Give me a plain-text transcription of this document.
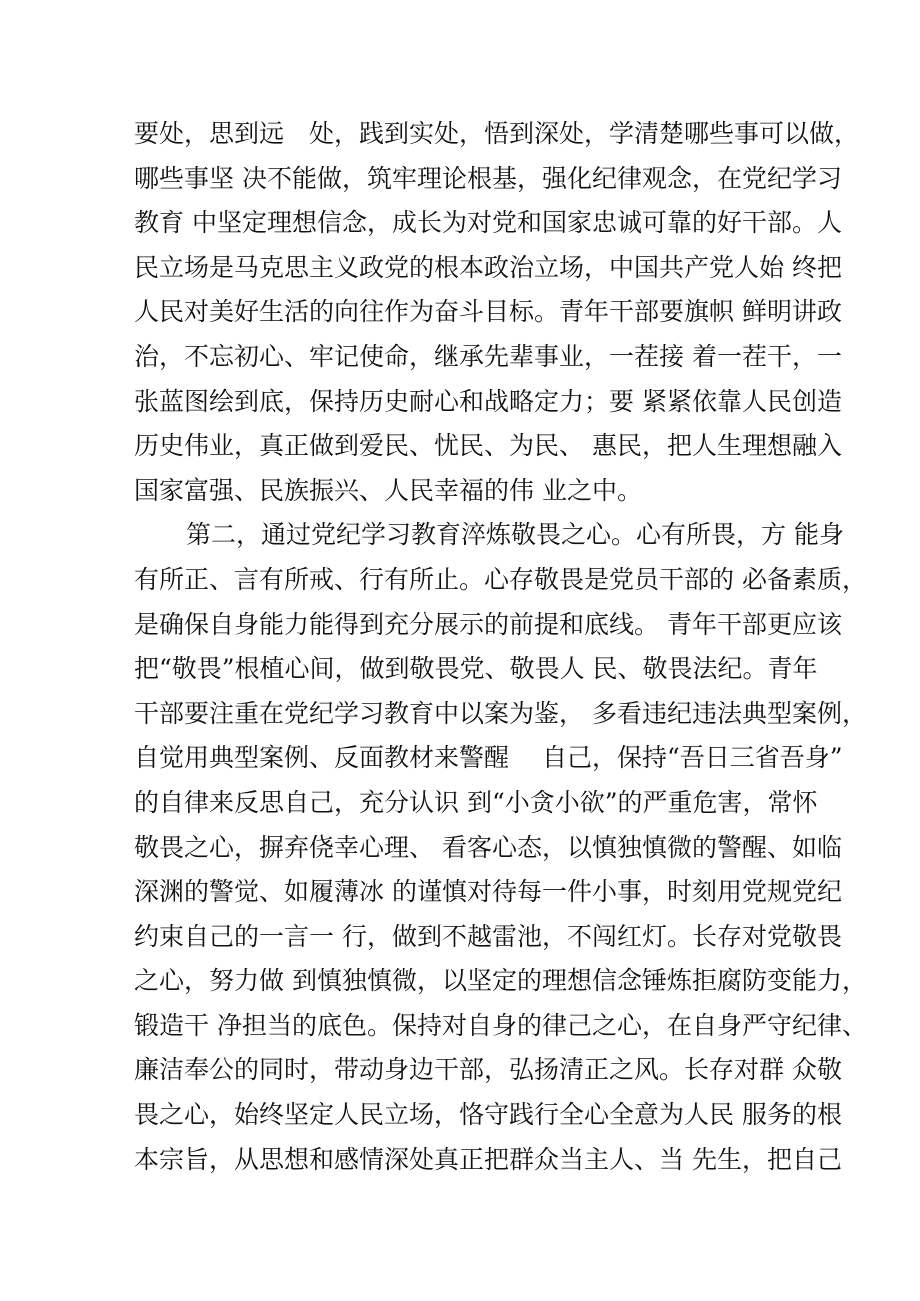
要处，思到远　处，践到实处，悟到深处，学清楚哪些事可以做，
哪些事坚 决不能做，筑牢理论根基，强化纪律观念，在党纪学习
教育 中坚定理想信念，成长为对党和国家忠诚可靠的好干部。人
民立场是马克思主义政党的根本政治立场，中国共产党人始 终把
人民对美好生活的向往作为奋斗目标。青年干部要旗帜 鲜明讲政
治，不忘初心、牢记使命，继承先辈事业，一茬接 着一茬干，一
张蓝图绘到底，保持历史耐心和战略定力；要 紧紧依靠人民创造
历史伟业，真正做到爱民、忧民、为民、 惠民，把人生理想融入
国家富强、民族振兴、人民幸福的伟 业之中。
第二，通过党纪学习教育淬炼敬畏之心。心有所畏，方 能身
有所正、言有所戒、行有所止。心存敬畏是党员干部的 必备素质，
是确保自身能力能得到充分展示的前提和底线。 青年干部更应该
把“敬畏”根植心间，做到敬畏党、敬畏人 民、敬畏法纪。青年
干部要注重在党纪学习教育中以案为鉴， 多看违纪违法典型案例，
自觉用典型案例、反面教材来警醒　 自己，保持“吾日三省吾身”
的自律来反思自己，充分认识 到“小贪小欲”的严重危害，常怀
敬畏之心，摒弃侥幸心理、 看客心态，以慎独慎微的警醒、如临
深渊的警觉、如履薄冰 的谨慎对待每一件小事，时刻用党规党纪
约束自己的一言一 行，做到不越雷池，不闯红灯。长存对党敬畏
之心，努力做 到慎独慎微，以坚定的理想信念锤炼拒腐防变能力，
锻造干 净担当的底色。保持对自身的律己之心，在自身严守纪律、
廉洁奉公的同时，带动身边干部，弘扬清正之风。长存对群 众敬
畏之心，始终坚定人民立场，恪守践行全心全意为人民 服务的根
本宗旨，从思想和感情深处真正把群众当主人、当 先生，把自己
